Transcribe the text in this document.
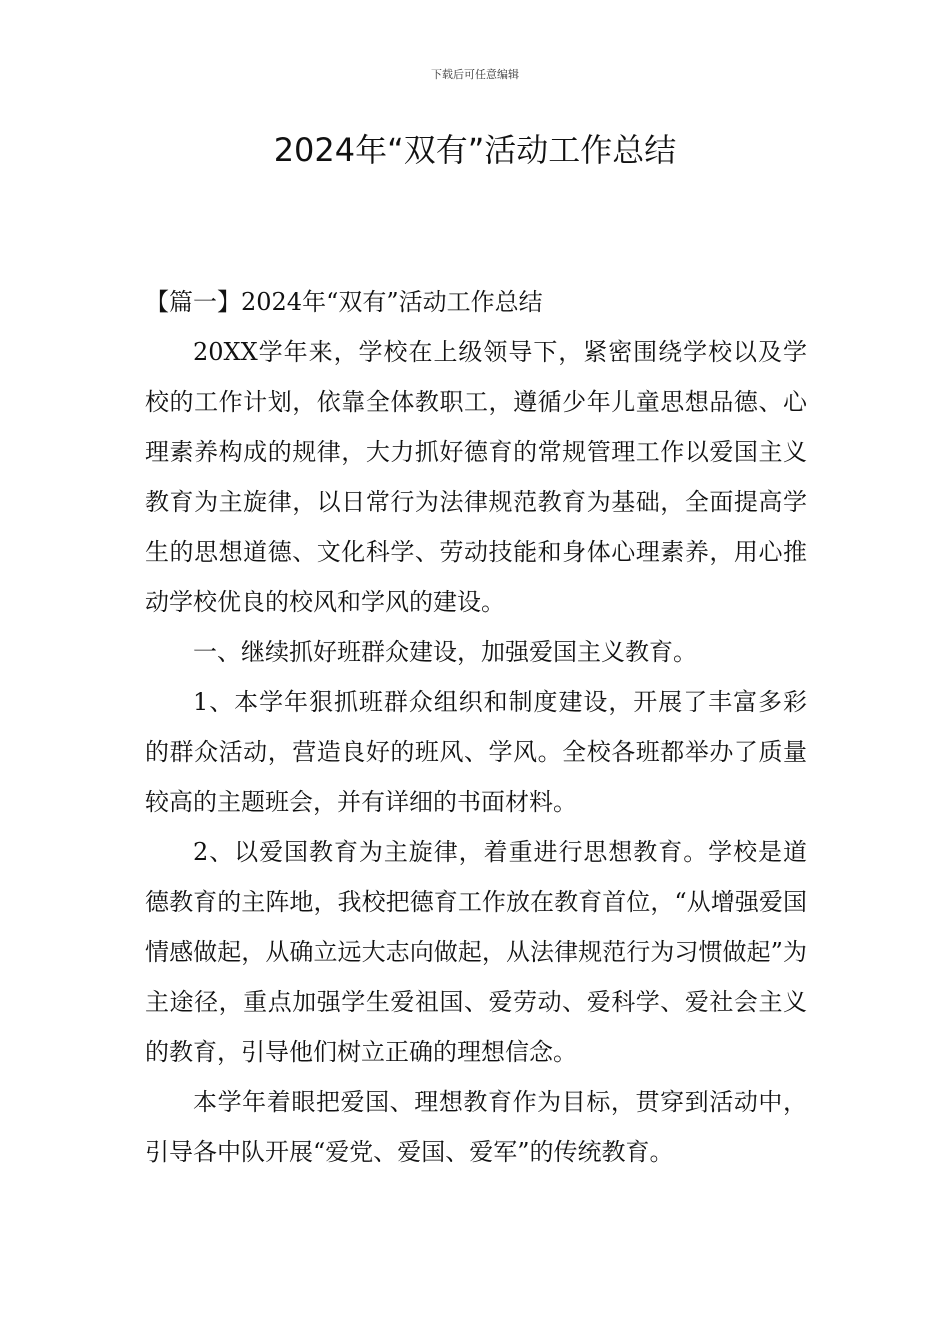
下载后可任意编辑
2024年“双有”活动工作总结

【篇一】2024年“双有”活动工作总结

20XX学年来，学校在上级领导下，紧密围绕学校以及学校的工作计划，依靠全体教职工，遵循少年儿童思想品德、心理素养构成的规律，大力抓好德育的常规管理工作以爱国主义教育为主旋律，以日常行为法律规范教育为基础，全面提高学生的思想道德、文化科学、劳动技能和身体心理素养，用心推动学校优良的校风和学风的建设。

一、继续抓好班群众建设，加强爱国主义教育。

1、本学年狠抓班群众组织和制度建设，开展了丰富多彩的群众活动，营造良好的班风、学风。全校各班都举办了质量较高的主题班会，并有详细的书面材料。

2、以爱国教育为主旋律，着重进行思想教育。学校是道德教育的主阵地，我校把德育工作放在教育首位，“从增强爱国情感做起，从确立远大志向做起，从法律规范行为习惯做起”为主途径，重点加强学生爱祖国、爱劳动、爱科学、爱社会主义的教育，引导他们树立正确的理想信念。

本学年着眼把爱国、理想教育作为目标，贯穿到活动中，引导各中队开展“爱党、爱国、爱军”的传统教育。
